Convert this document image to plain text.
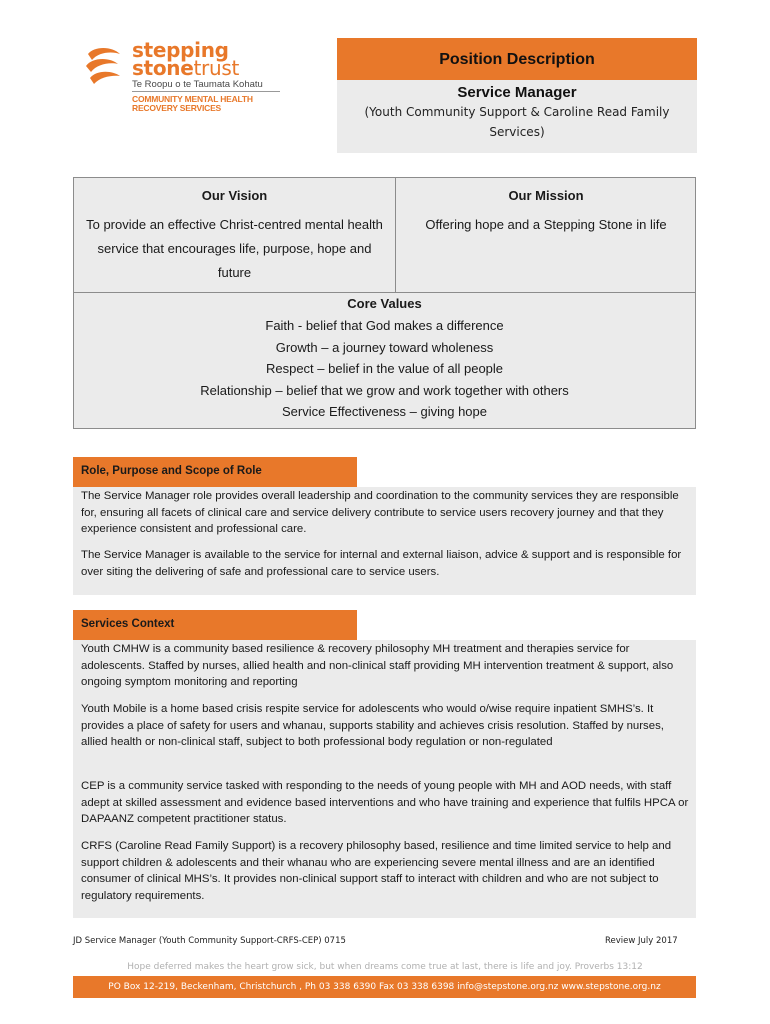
stepping
stonetrust
Te Roopu o te Taumata Kohatu
COMMUNITY MENTAL HEALTH
RECOVERY SERVICES
Position Description
Service Manager
(Youth Community Support & Caroline Read Family Services)
Our Vision	Our Mission
To provide an effective Christ-centred mental health service that encourages life, purpose, hope and future
Offering hope and a Stepping Stone in life
Core Values
Faith - belief that God makes a difference
Growth – a journey toward wholeness
Respect – belief in the value of all people
Relationship – belief that we grow and work together with others
Service Effectiveness – giving hope
Role, Purpose and Scope of Role

The Service Manager role provides overall leadership and coordination to the community services they are responsible for, ensuring all facets of clinical care and service delivery contribute to service users recovery journey and that they experience consistent and professional care.

The Service Manager is available to the service for internal and external liaison, advice & support and is responsible for over siting the delivering of safe and professional care to service users.

Services Context

Youth CMHW is a community based resilience & recovery philosophy MH treatment and therapies service for adolescents. Staffed by nurses, allied health and non-clinical staff providing MH intervention treatment & support, also ongoing symptom monitoring and reporting

Youth Mobile is a home based crisis respite service for adolescents who would o/wise require inpatient SMHS’s. It provides a place of safety for users and whanau, supports stability and achieves crisis resolution. Staffed by nurses, allied health or non-clinical staff, subject to both professional body regulation or non-regulated

CEP is a community service tasked with responding to the needs of young people with MH and AOD needs, with staff adept at skilled assessment and evidence based interventions and who have training and experience that fulfils HPCA or DAPAANZ competent practitioner status.

CRFS (Caroline Read Family Support) is a recovery philosophy based, resilience and time limited service to help and support children & adolescents and their whanau who are experiencing severe mental illness and are an identified consumer of clinical MHS’s. It provides non-clinical support staff to interact with children and who are not subject to regulatory requirements.

JD Service Manager (Youth Community Support-CRFS-CEP) 0715	Review July 2017
Hope deferred makes the heart grow sick, but when dreams come true at last, there is life and joy. Proverbs 13:12
PO Box 12-219, Beckenham, Christchurch , Ph 03 338 6390 Fax 03 338 6398 info@stepstone.org.nz www.stepstone.org.nz
